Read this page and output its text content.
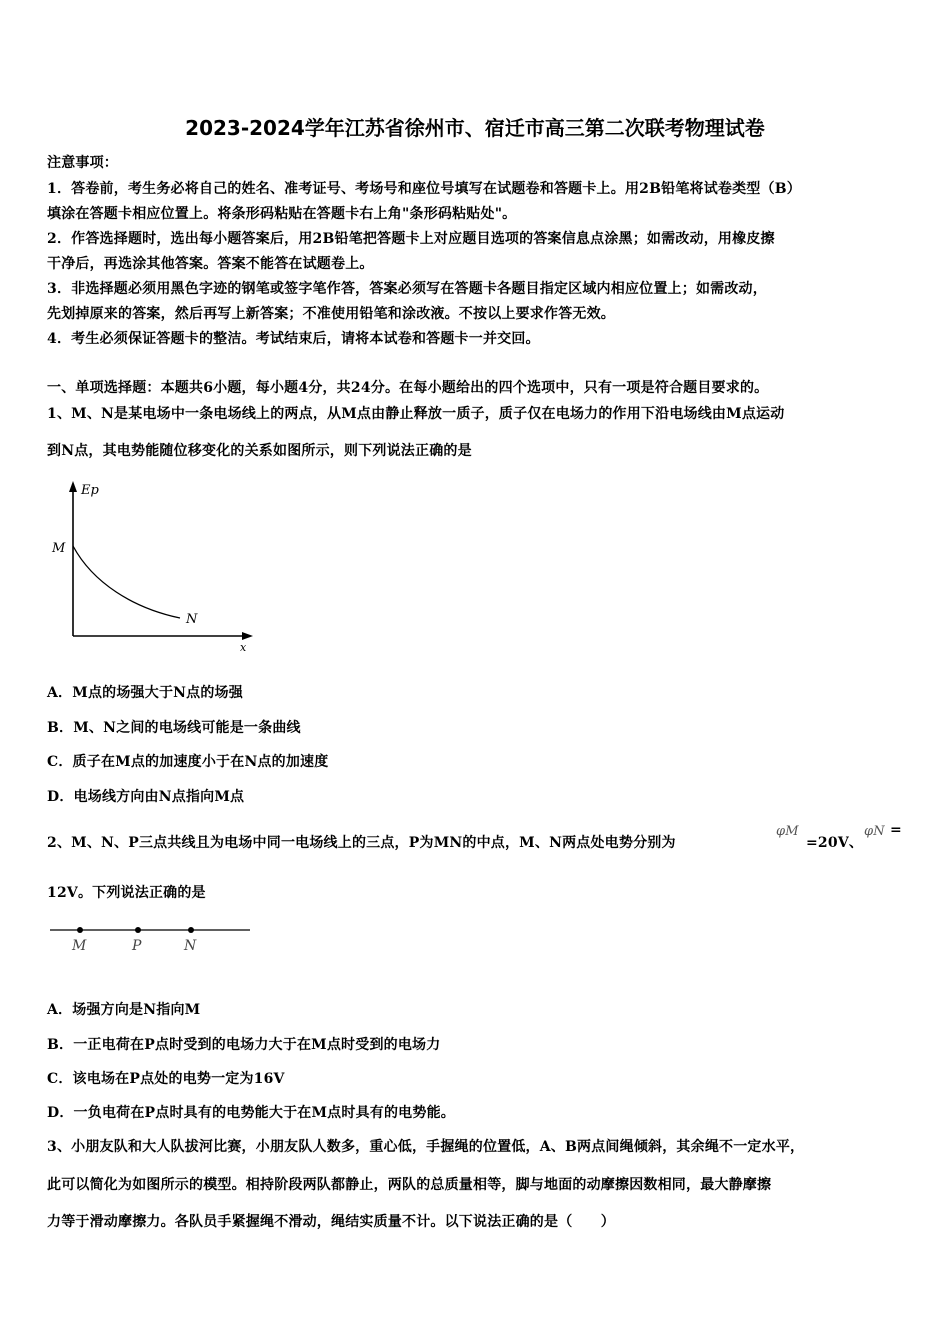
2023-2024学年江苏省徐州市、宿迁市高三第二次联考物理试卷
注意事项：
1．答卷前，考生务必将自己的姓名、准考证号、考场号和座位号填写在试题卷和答题卡上。用2B铅笔将试卷类型（B）
填涂在答题卡相应位置上。将条形码粘贴在答题卡右上角"条形码粘贴处"。
2．作答选择题时，选出每小题答案后，用2B铅笔把答题卡上对应题目选项的答案信息点涂黑；如需改动，用橡皮擦
干净后，再选涂其他答案。答案不能答在试题卷上。
3．非选择题必须用黑色字迹的钢笔或签字笔作答，答案必须写在答题卡各题目指定区域内相应位置上；如需改动，
先划掉原来的答案，然后再写上新答案；不准使用铅笔和涂改液。不按以上要求作答无效。
4．考生必须保证答题卡的整洁。考试结束后，请将本试卷和答题卡一并交回。
一、单项选择题：本题共6小题，每小题4分，共24分。在每小题给出的四个选项中，只有一项是符合题目要求的。
1、M、N是某电场中一条电场线上的两点，从M点由静止释放一质子，质子仅在电场力的作用下沿电场线由M点运动
到N点，其电势能随位移变化的关系如图所示，则下列说法正确的是
Ep
M
N
x
A．M点的场强大于N点的场强
B．M、N之间的电场线可能是一条曲线
C．质子在M点的加速度小于在N点的加速度
D．电场线方向由N点指向M点
2、M、N、P三点共线且为电场中同一电场线上的三点，P为MN的中点，M、N两点处电势分别为
φM
=20V、
φN =
12V。下列说法正确的是
M	P	N
A．场强方向是N指向M
B．一正电荷在P点时受到的电场力大于在M点时受到的电场力
C．该电场在P点处的电势一定为16V
D．一负电荷在P点时具有的电势能大于在M点时具有的电势能。
3、小朋友队和大人队拔河比赛，小朋友队人数多，重心低，手握绳的位置低，A、B两点间绳倾斜，其余绳不一定水平，
此可以简化为如图所示的模型。相持阶段两队都静止，两队的总质量相等，脚与地面的动摩擦因数相同，最大静摩擦
力等于滑动摩擦力。各队员手紧握绳不滑动，绳结实质量不计。以下说法正确的是（　　）
